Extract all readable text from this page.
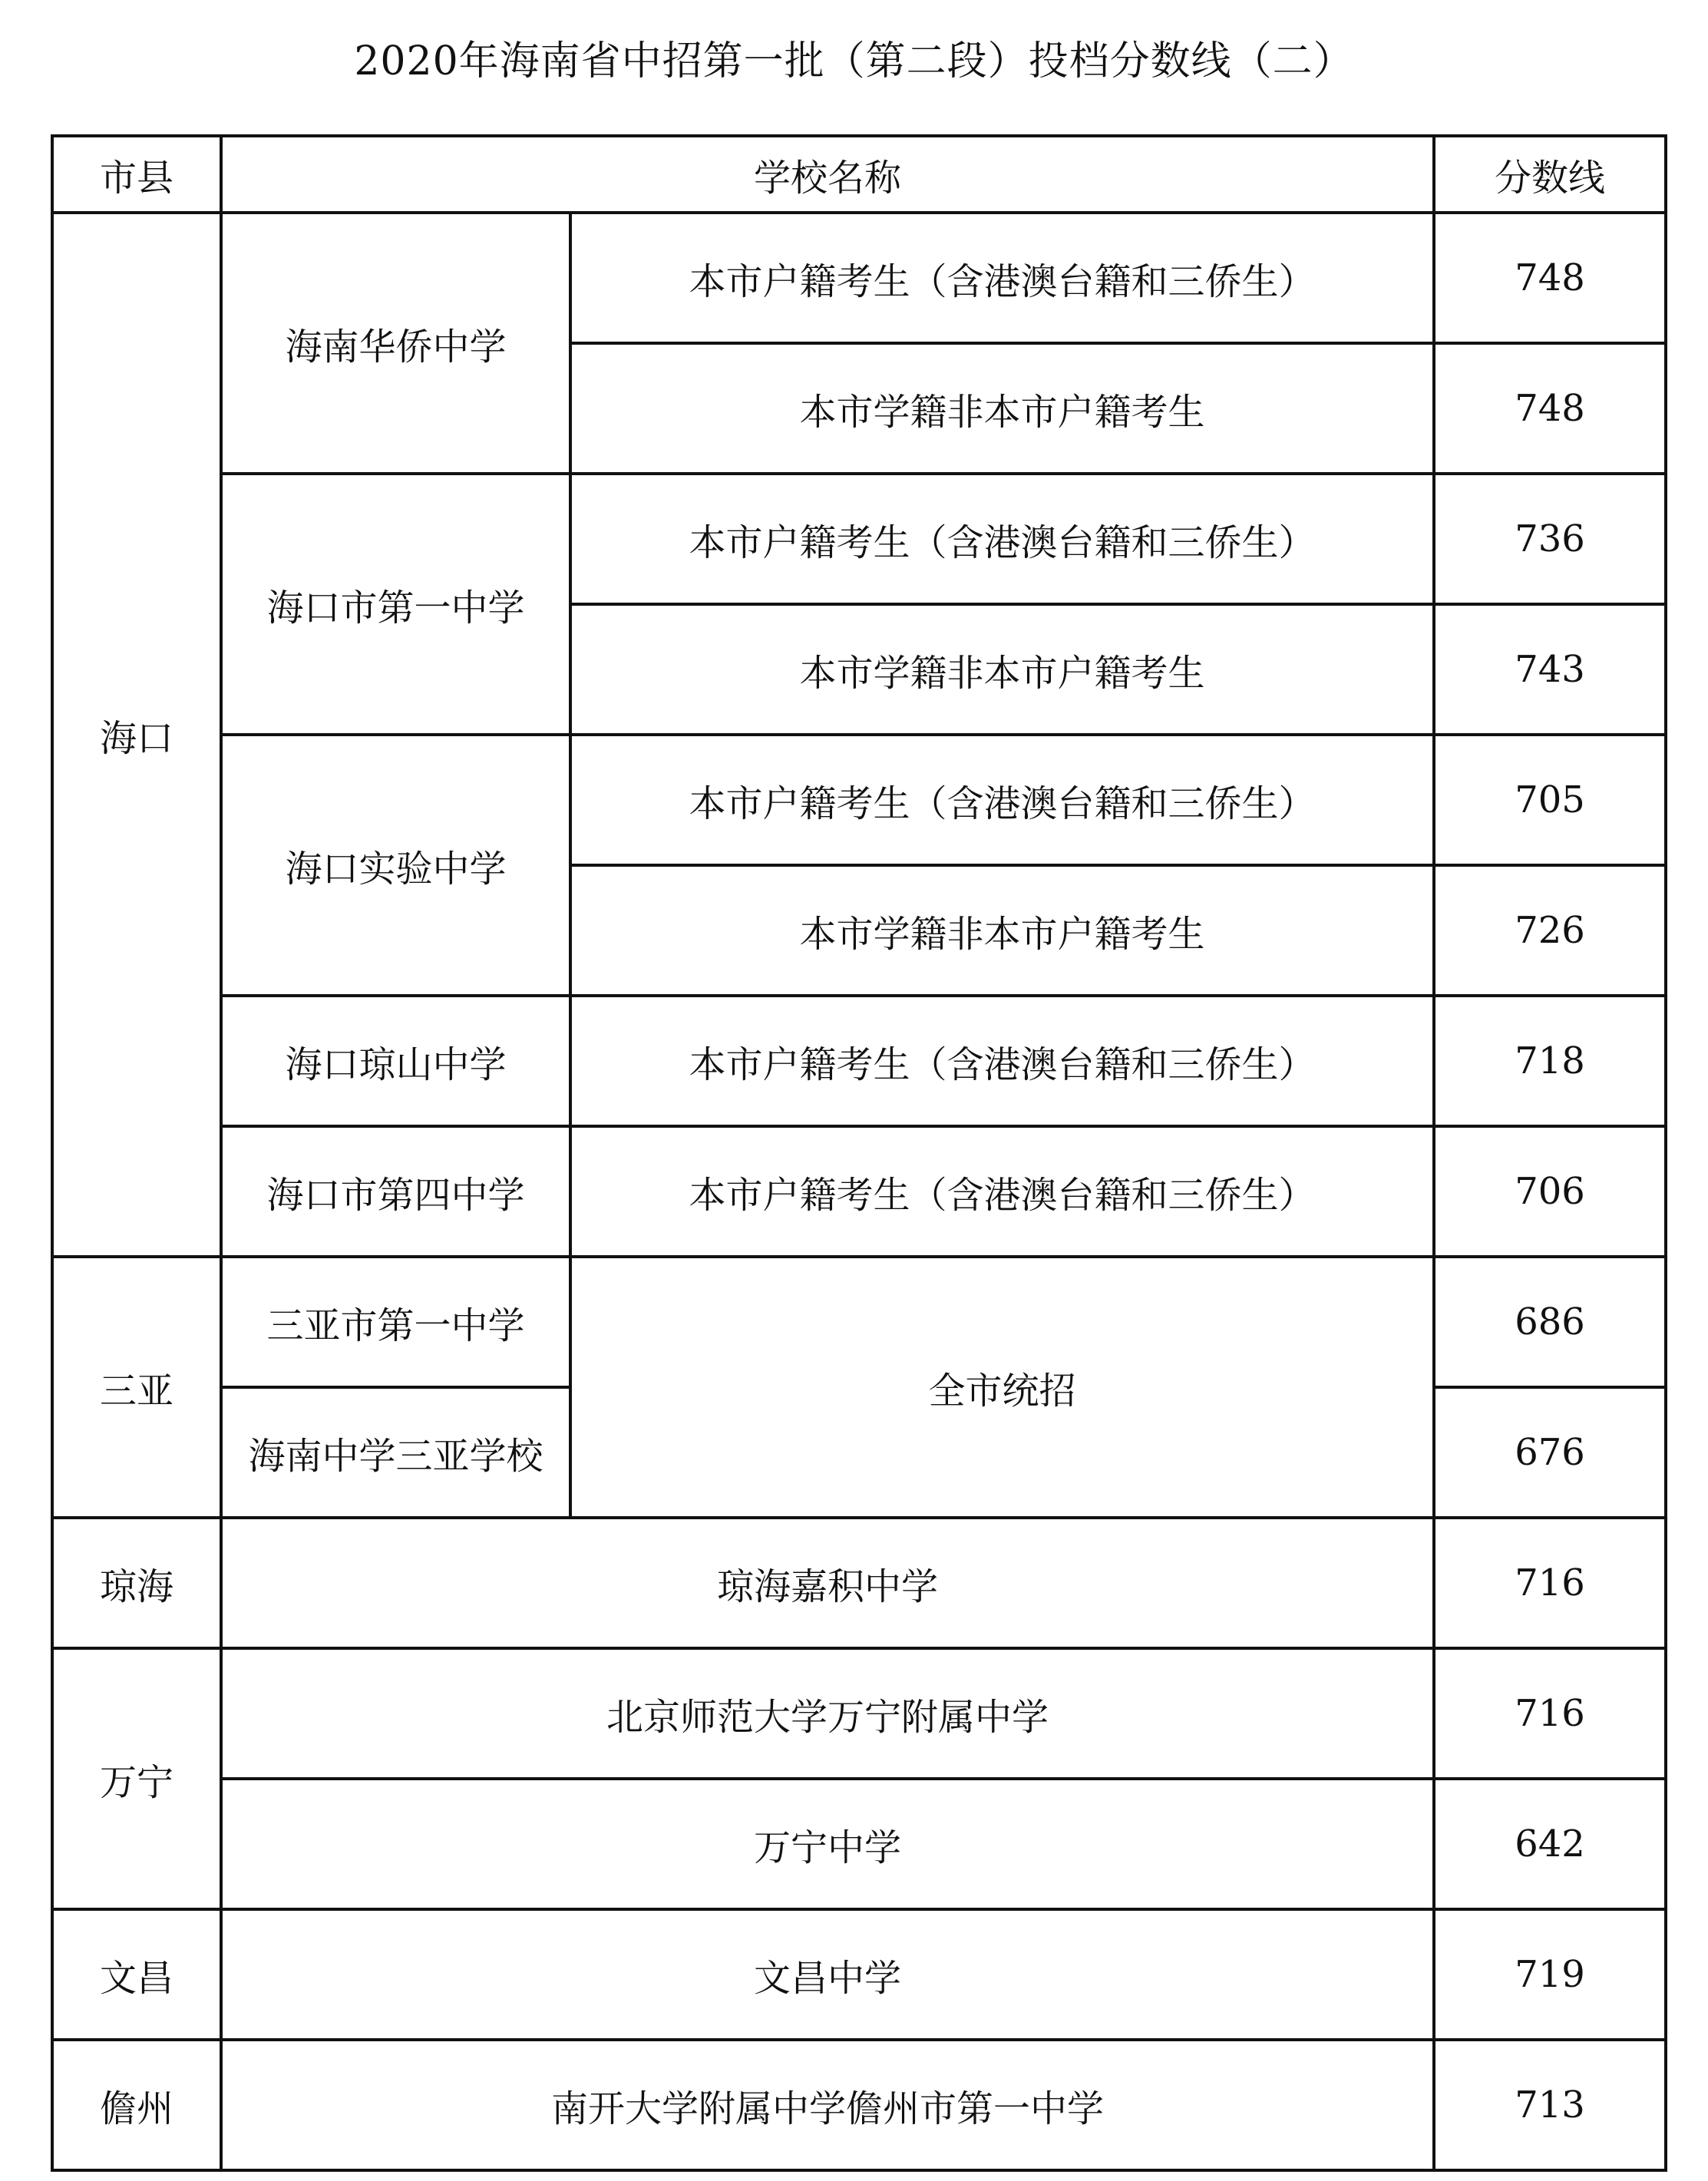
2020年海南省中招第一批（第二段）投档分数线（二）
市县	学校名称		分数线
海口	海南华侨中学	本市户籍考生（含港澳台籍和三侨生）	748
		本市学籍非本市户籍考生	748
	海口市第一中学	本市户籍考生（含港澳台籍和三侨生）	736
		本市学籍非本市户籍考生	743
	海口实验中学	本市户籍考生（含港澳台籍和三侨生）	705
		本市学籍非本市户籍考生	726
	海口琼山中学	本市户籍考生（含港澳台籍和三侨生）	718
	海口市第四中学	本市户籍考生（含港澳台籍和三侨生）	706
三亚	三亚市第一中学	全市统招	686
	海南中学三亚学校		676
琼海	琼海嘉积中学		716
万宁	北京师范大学万宁附属中学		716
	万宁中学		642
文昌	文昌中学		719
儋州	南开大学附属中学儋州市第一中学		713
